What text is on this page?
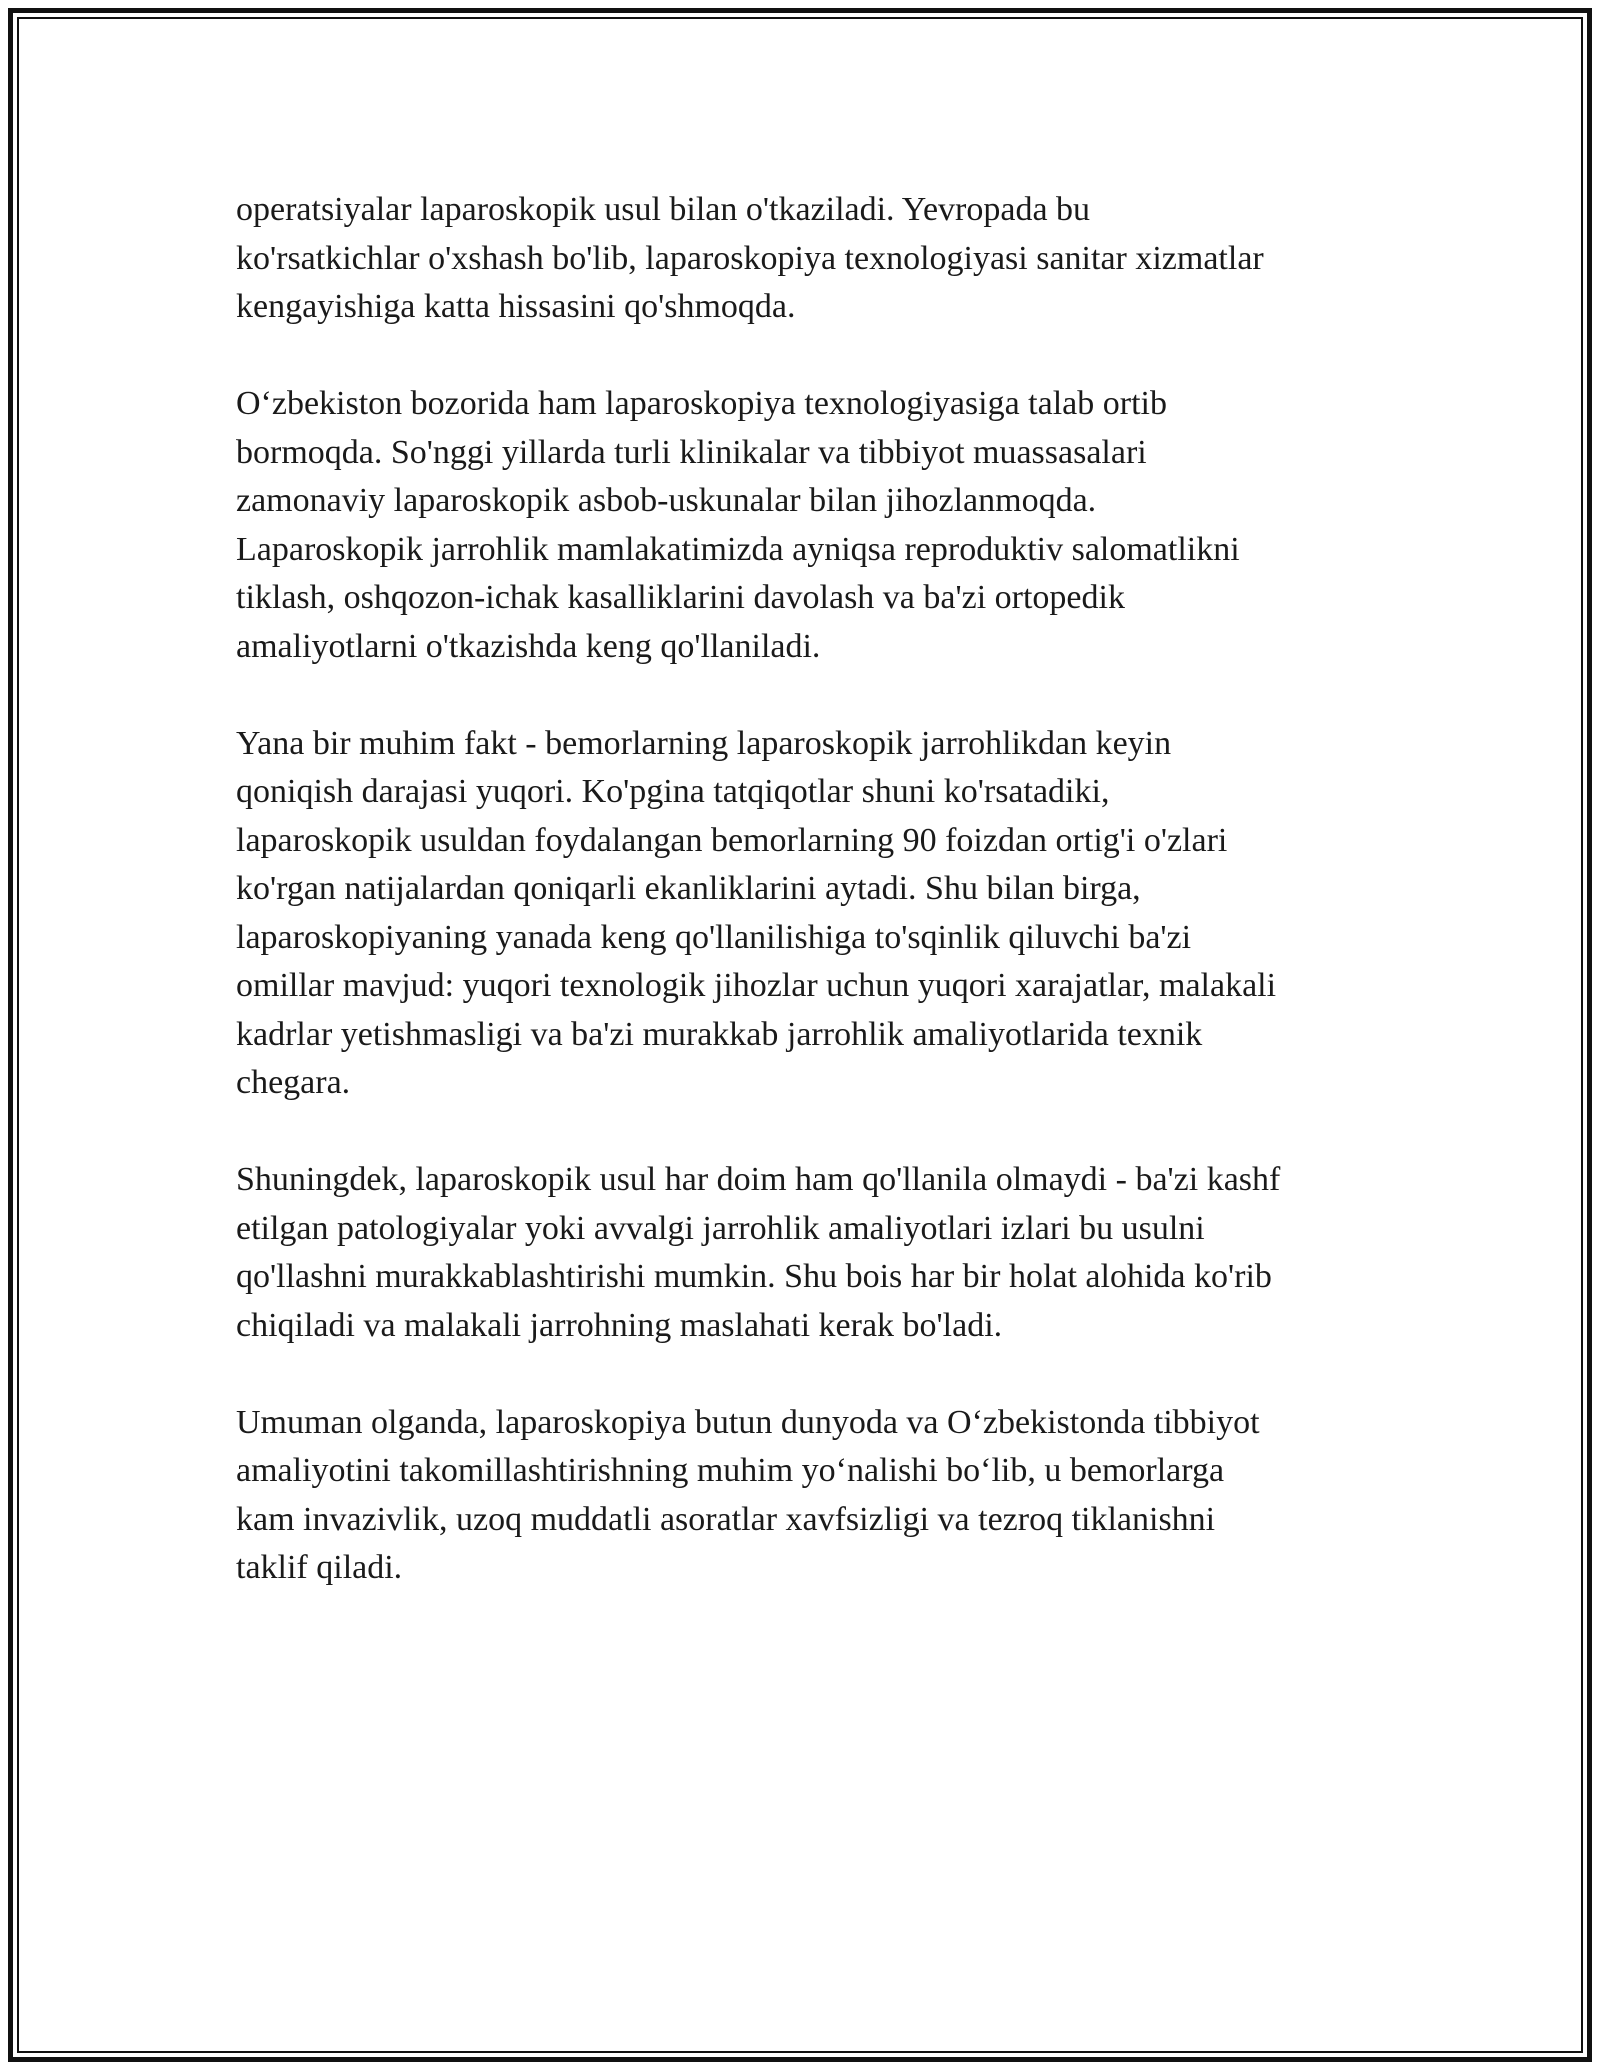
operatsiyalar laparoskopik usul bilan o'tkaziladi. Yevropada bu
ko'rsatkichlar o'xshash bo'lib, laparoskopiya texnologiyasi sanitar xizmatlar
kengayishiga katta hissasini qo'shmoqda.

O‘zbekiston bozorida ham laparoskopiya texnologiyasiga talab ortib
bormoqda. So'nggi yillarda turli klinikalar va tibbiyot muassasalari
zamonaviy laparoskopik asbob-uskunalar bilan jihozlanmoqda.
Laparoskopik jarrohlik mamlakatimizda ayniqsa reproduktiv salomatlikni
tiklash, oshqozon-ichak kasalliklarini davolash va ba'zi ortopedik
amaliyotlarni o'tkazishda keng qo'llaniladi.

Yana bir muhim fakt - bemorlarning laparoskopik jarrohlikdan keyin
qoniqish darajasi yuqori. Ko'pgina tatqiqotlar shuni ko'rsatadiki,
laparoskopik usuldan foydalangan bemorlarning 90 foizdan ortig'i o'zlari
ko'rgan natijalardan qoniqarli ekanliklarini aytadi. Shu bilan birga,
laparoskopiyaning yanada keng qo'llanilishiga to'sqinlik qiluvchi ba'zi
omillar mavjud: yuqori texnologik jihozlar uchun yuqori xarajatlar, malakali
kadrlar yetishmasligi va ba'zi murakkab jarrohlik amaliyotlarida texnik
chegara.

Shuningdek, laparoskopik usul har doim ham qo'llanila olmaydi - ba'zi kashf
etilgan patologiyalar yoki avvalgi jarrohlik amaliyotlari izlari bu usulni
qo'llashni murakkablashtirishi mumkin. Shu bois har bir holat alohida ko'rib
chiqiladi va malakali jarrohning maslahati kerak bo'ladi.

Umuman olganda, laparoskopiya butun dunyoda va O‘zbekistonda tibbiyot
amaliyotini takomillashtirishning muhim yo‘nalishi bo‘lib, u bemorlarga
kam invazivlik, uzoq muddatli asoratlar xavfsizligi va tezroq tiklanishni
taklif qiladi.
